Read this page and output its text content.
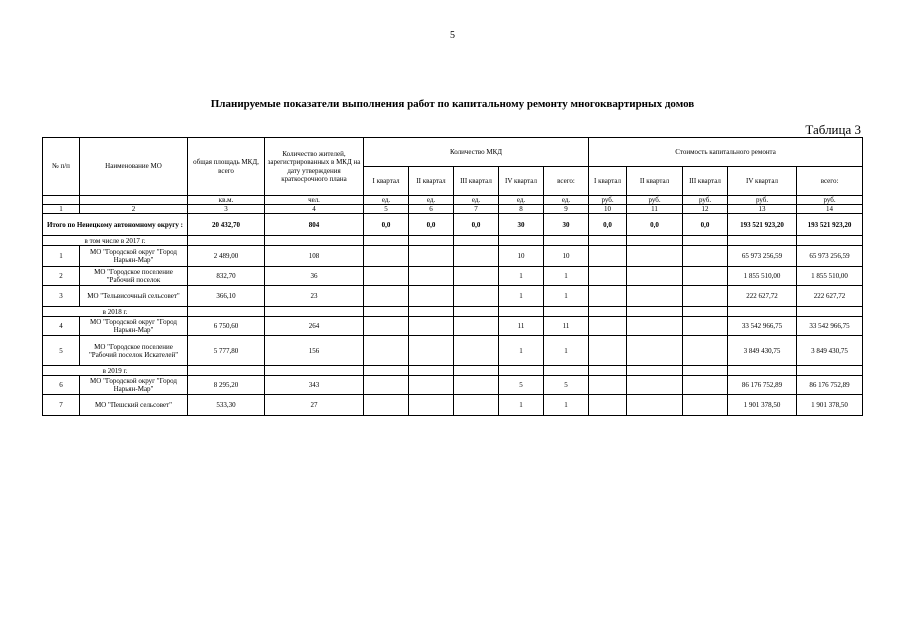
5
Планируемые показатели выполнения работ по капитальному ремонту многоквартирных домов
Таблица 3
№ п/п	Наименование МО	общая площадь МКД, всего	Количество жителей, зарегистрированных в МКД на дату утверждения краткосрочного плана	Количество МКД					Стоимость капитального ремонта				
				I квартал	II квартал	III квартал	IV квартал	всего:	I квартал	II квартал	III квартал	IV квартал	всего:
		кв.м.	чел.	ед.	ед.	ед.	ед.	ед.	руб.	руб.	руб.	руб.	руб.
1	2	3	4	5	6	7	8	9	10	11	12	13	14
Итого по Ненецкому автономному округу :		20 432,70	804	0,0	0,0	0,0	30	30	0,0	0,0	0,0	193 521 923,20	193 521 923,20
в том числе в 2017 г.													
1	МО "Городской округ "Город Нарьян-Мар"	2 489,00	108				10	10				65 973 256,59	65 973 256,59
2	МО "Городское поселение "Рабочий поселок	832,70	36				1	1				1 855 510,00	1 855 510,00
3	МО "Тельвисочный сельсовет"	366,10	23				1	1				222 627,72	222 627,72
в 2018 г.													
4	МО "Городской округ "Город Нарьян-Мар"	6 750,60	264				11	11				33 542 966,75	33 542 966,75
5	МО "Городское поселение "Рабочий поселок Искателей"	5 777,80	156				1	1				3 849 430,75	3 849 430,75
в 2019 г.													
6	МО "Городской округ "Город Нарьян-Мар"	8 295,20	343				5	5				86 176 752,89	86 176 752,89
7	МО "Пешский сельсовет"	533,30	27				1	1				1 901 378,50	1 901 378,50
